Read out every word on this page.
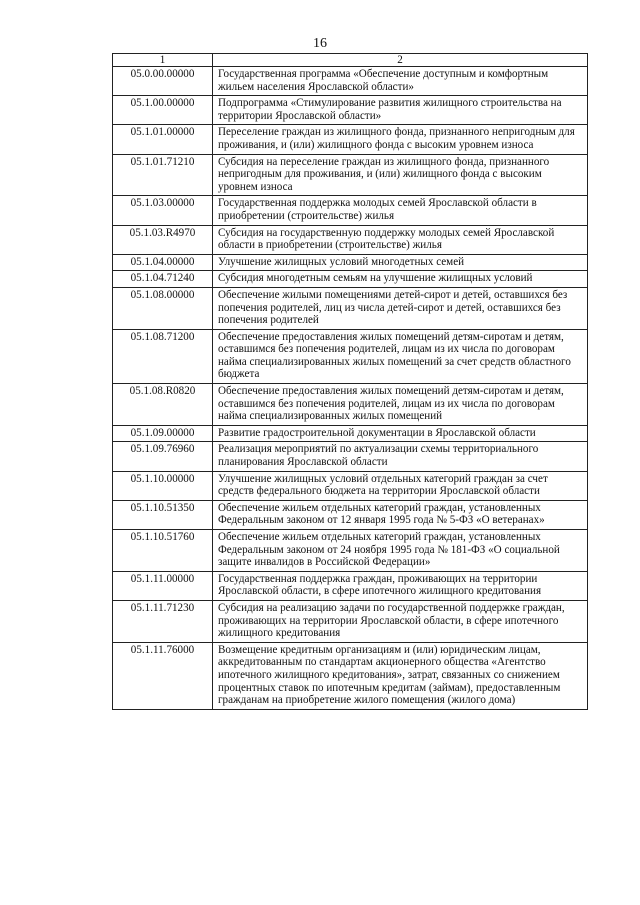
16
1	2
05.0.00.00000	Государственная программа «Обеспечение доступным и комфортным жильем населения Ярославской области»
05.1.00.00000	Подпрограмма «Стимулирование развития жилищного строительства на территории Ярославской области»
05.1.01.00000	Переселение граждан из жилищного фонда, признанного непригодным для проживания, и (или) жилищного фонда с высоким уровнем износа
05.1.01.71210	Субсидия на переселение граждан из жилищного фонда, признанного непригодным для проживания, и (или) жилищного фонда с высоким уровнем износа
05.1.03.00000	Государственная поддержка молодых семей Ярославской области в приобретении (строительстве) жилья
05.1.03.R4970	Субсидия на государственную поддержку молодых семей Ярославской области в приобретении (строительстве) жилья
05.1.04.00000	Улучшение жилищных условий многодетных семей
05.1.04.71240	Субсидия многодетным семьям на улучшение жилищных условий
05.1.08.00000	Обеспечение жилыми помещениями детей-сирот и детей, оставшихся без попечения родителей, лиц из числа детей-сирот и детей, оставшихся без попечения родителей
05.1.08.71200	Обеспечение предоставления жилых помещений детям-сиротам и детям, оставшимся без попечения родителей, лицам из их числа по договорам найма специализированных жилых помещений за счет средств областного бюджета
05.1.08.R0820	Обеспечение предоставления жилых помещений детям-сиротам и детям, оставшимся без попечения родителей, лицам из их числа по договорам найма специализированных жилых помещений
05.1.09.00000	Развитие градостроительной документации в Ярославской области
05.1.09.76960	Реализация мероприятий по актуализации схемы территориального планирования Ярославской области
05.1.10.00000	Улучшение жилищных условий отдельных категорий граждан за счет средств федерального бюджета на территории Ярославской области
05.1.10.51350	Обеспечение жильем отдельных категорий граждан, установленных Федеральным законом от 12 января 1995 года № 5-ФЗ «О ветеранах»
05.1.10.51760	Обеспечение жильем отдельных категорий граждан, установленных Федеральным законом от 24 ноября 1995 года № 181-ФЗ «О социальной защите инвалидов в Российской Федерации»
05.1.11.00000	Государственная поддержка граждан, проживающих на территории Ярославской области, в сфере ипотечного жилищного кредитования
05.1.11.71230	Субсидия на реализацию задачи по государственной поддержке граждан, проживающих на территории Ярославской области, в сфере ипотечного жилищного кредитования
05.1.11.76000	Возмещение кредитным организациям и (или) юридическим лицам, аккредитованным по стандартам акционерного общества «Агентство ипотечного жилищного кредитования», затрат, связанных со снижением процентных ставок по ипотечным кредитам (займам), предоставленным гражданам на приобретение жилого помещения (жилого дома)
